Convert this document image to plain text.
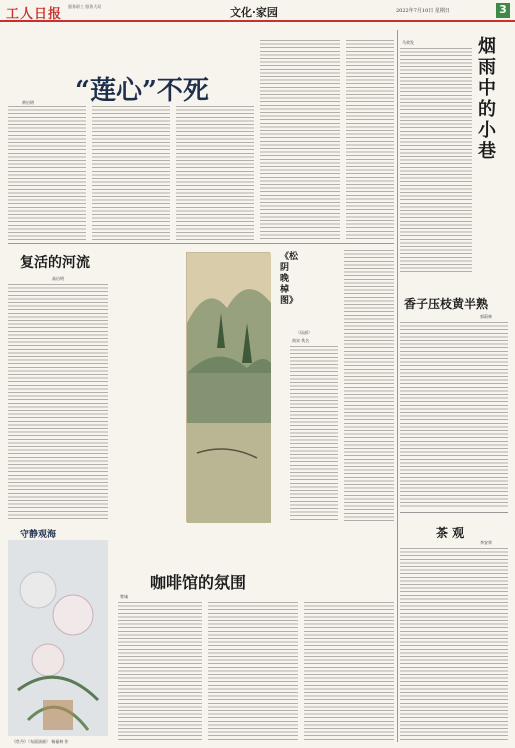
工人日报
服务职工 服务大局	文化·家园	2022年7月10日 星期日	3
“莲心”不死
黄启明
复活的河流
高启明
《松阴晚棹图》
（局部）
南宋 佚名
烟雨中的小巷
马荣发
香子压枝黄半熟
郭蔚林
茶 观
李安荣
守静观海
《牡丹》（布面油画） 杨福林 作
咖啡馆的氛围
曾诚
